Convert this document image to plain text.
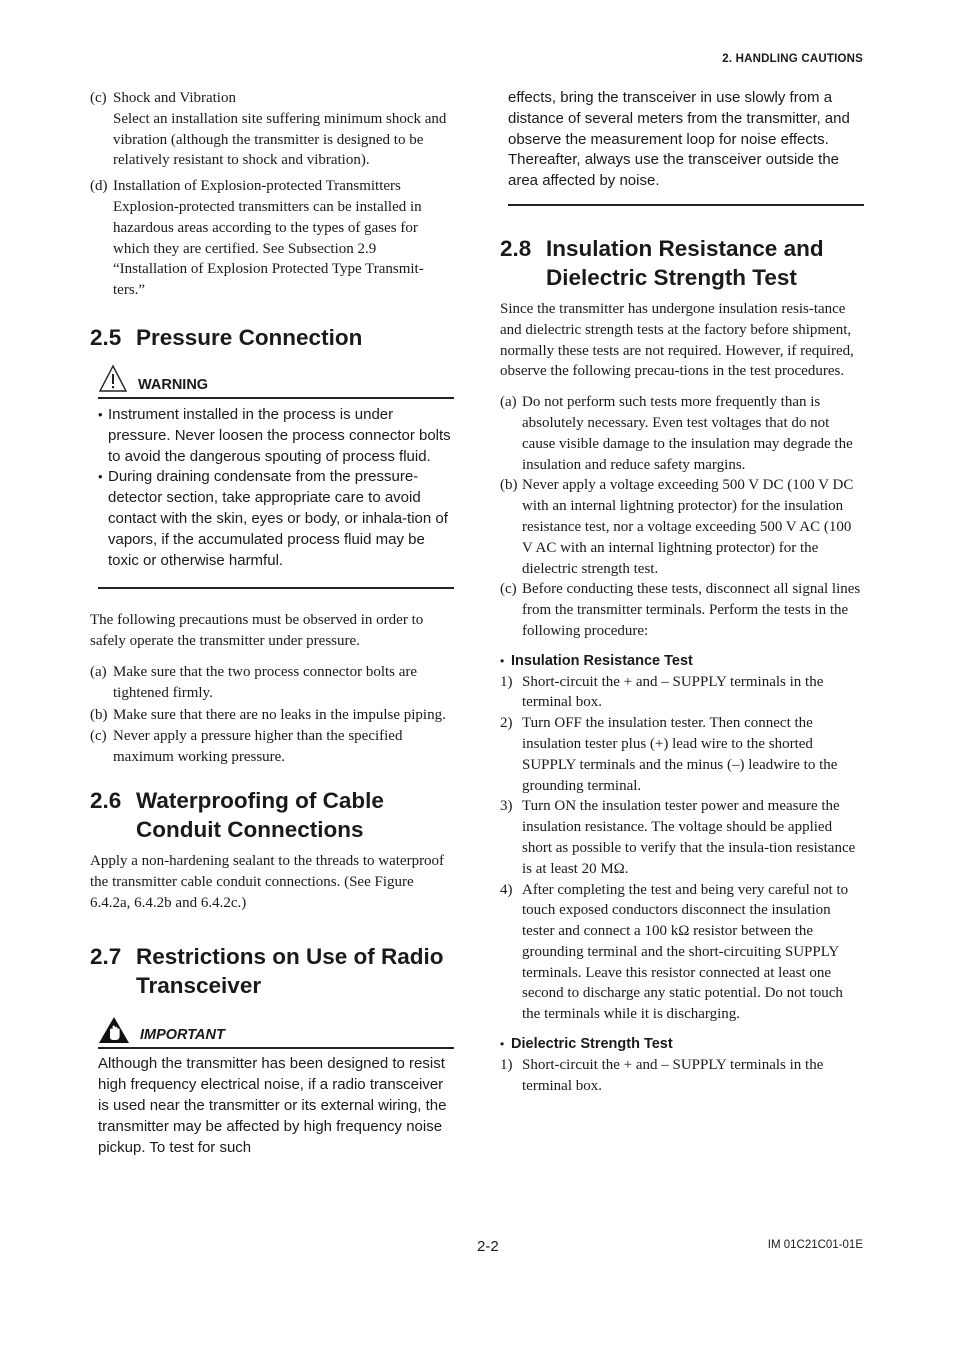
2. HANDLING CAUTIONS
(c) Shock and Vibration
Select an installation site suffering minimum shock and vibration (although the transmitter is designed to be relatively resistant to shock and vibration).
(d) Installation of Explosion-protected Transmitters
Explosion-protected transmitters can be installed in hazardous areas according to the types of gases for which they are certified. See Subsection 2.9 “Installation of Explosion Protected Type Transmit-ters.”
2.5 Pressure Connection
WARNING
• Instrument installed in the process is under pressure. Never loosen the process connector bolts to avoid the dangerous spouting of process fluid.
• During draining condensate from the pressure-detector section, take appropriate care to avoid contact with the skin, eyes or body, or inhala-tion of vapors, if the accumulated process fluid may be toxic or otherwise harmful.

The following precautions must be observed in order to safely operate the transmitter under pressure.

(a) Make sure that the two process connector bolts are tightened firmly.
(b) Make sure that there are no leaks in the impulse piping.
(c) Never apply a pressure higher than the specified maximum working pressure.
2.6 Waterproofing of Cable
Conduit Connections

Apply a non-hardening sealant to the threads to waterproof the transmitter cable conduit connections. (See Figure 6.4.2a, 6.4.2b and 6.4.2c.)

2.7 Restrictions on Use of Radio
Transceiver
IMPORTANT
Although the transmitter has been designed to resist high frequency electrical noise, if a radio transceiver is used near the transmitter or its external wiring, the transmitter may be affected by high frequency noise pickup. To test for such
effects, bring the transceiver in use slowly from a distance of several meters from the transmitter, and observe the measurement loop for noise effects. Thereafter, always use the transceiver outside the area affected by noise.
2.8 Insulation Resistance and
Dielectric Strength Test

Since the transmitter has undergone insulation resis-tance and dielectric strength tests at the factory before shipment, normally these tests are not required. However, if required, observe the following precau-tions in the test procedures.

(a) Do not perform such tests more frequently than is absolutely necessary. Even test voltages that do not cause visible damage to the insulation may degrade the insulation and reduce safety margins.
(b) Never apply a voltage exceeding 500 V DC (100 V DC with an internal lightning protector) for the insulation resistance test, nor a voltage exceeding 500 V AC (100 V AC with an internal lightning protector) for the dielectric strength test.
(c) Before conducting these tests, disconnect all signal lines from the transmitter terminals. Perform the tests in the following procedure:
• Insulation Resistance Test
1) Short-circuit the + and – SUPPLY terminals in the terminal box.
2) Turn OFF the insulation tester. Then connect the insulation tester plus (+) lead wire to the shorted SUPPLY terminals and the minus (–) leadwire to the grounding terminal.
3) Turn ON the insulation tester power and measure the insulation resistance. The voltage should be applied short as possible to verify that the insula-tion resistance is at least 20 MΩ.
4) After completing the test and being very careful not to touch exposed conductors disconnect the insulation tester and connect a 100 kΩ resistor between the grounding terminal and the short-circuiting SUPPLY terminals. Leave this resistor connected at least one second to discharge any static potential. Do not touch the terminals while it is discharging.
• Dielectric Strength Test
1) Short-circuit the + and – SUPPLY terminals in the terminal box.
2-2	IM 01C21C01-01E
